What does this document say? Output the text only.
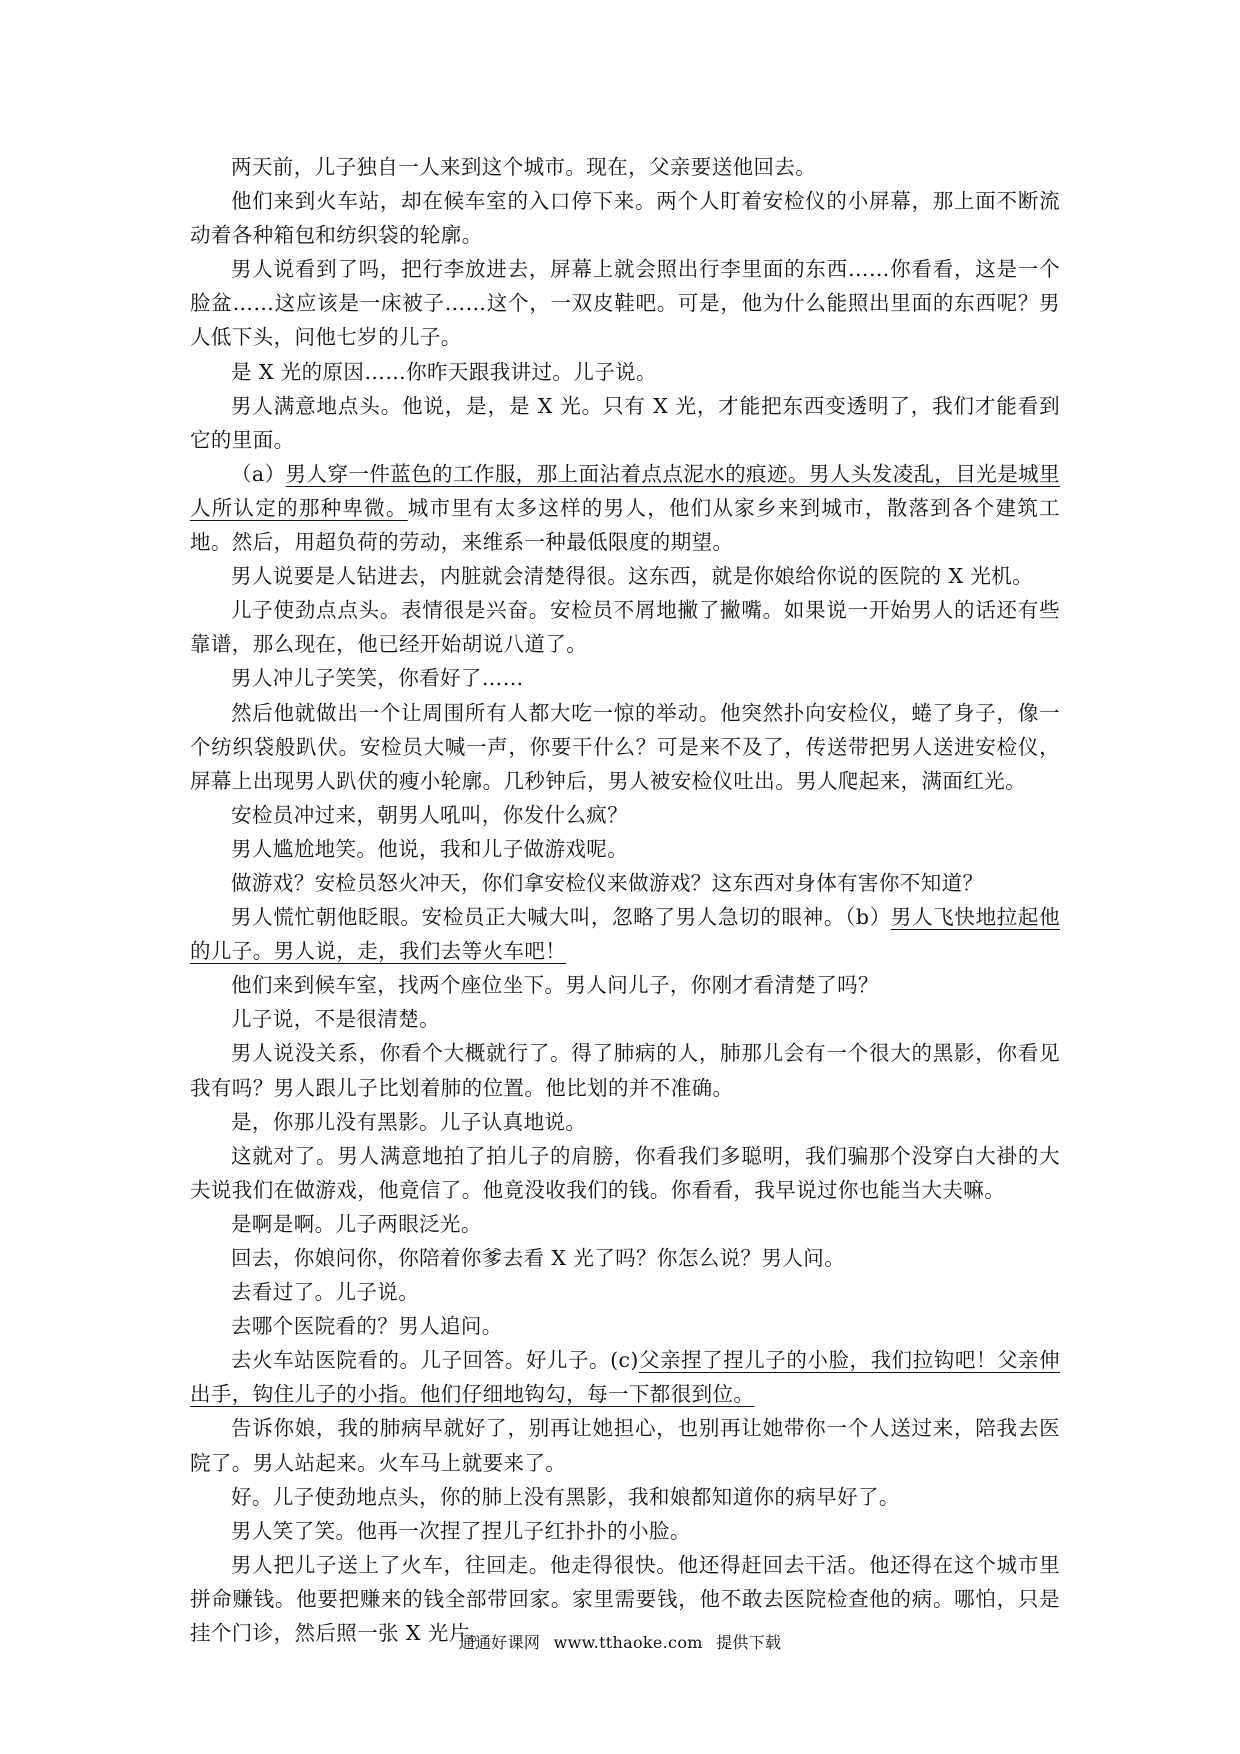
两天前，儿子独自一人来到这个城市。现在，父亲要送他回去。

他们来到火车站，却在候车室的入口停下来。两个人盯着安检仪的小屏幕，那上面不断流动着各种箱包和纺织袋的轮廓。

男人说看到了吗，把行李放进去，屏幕上就会照出行李里面的东西……你看看，这是一个脸盆……这应该是一床被子……这个，一双皮鞋吧。可是，他为什么能照出里面的东西呢？男人低下头，问他七岁的儿子。

是 X 光的原因……你昨天跟我讲过。儿子说。

男人满意地点头。他说，是，是 X 光。只有 X 光，才能把东西变透明了，我们才能看到它的里面。

（a）男人穿一件蓝色的工作服，那上面沾着点点泥水的痕迹。男人头发凌乱，目光是城里人所认定的那种卑微。城市里有太多这样的男人，他们从家乡来到城市，散落到各个建筑工地。然后，用超负荷的劳动，来维系一种最低限度的期望。

男人说要是人钻进去，内脏就会清楚得很。这东西，就是你娘给你说的医院的 X 光机。

儿子使劲点点头。表情很是兴奋。安检员不屑地撇了撇嘴。如果说一开始男人的话还有些靠谱，那么现在，他已经开始胡说八道了。

男人冲儿子笑笑，你看好了……

然后他就做出一个让周围所有人都大吃一惊的举动。他突然扑向安检仪，蜷了身子，像一个纺织袋般趴伏。安检员大喊一声，你要干什么？可是来不及了，传送带把男人送进安检仪，屏幕上出现男人趴伏的瘦小轮廓。几秒钟后，男人被安检仪吐出。男人爬起来，满面红光。

安检员冲过来，朝男人吼叫，你发什么疯？

男人尴尬地笑。他说，我和儿子做游戏呢。

做游戏？安检员怒火冲天，你们拿安检仪来做游戏？这东西对身体有害你不知道？

男人慌忙朝他眨眼。安检员正大喊大叫，忽略了男人急切的眼神。（b）男人飞快地拉起他的儿子。男人说，走，我们去等火车吧！

他们来到候车室，找两个座位坐下。男人问儿子，你刚才看清楚了吗？

儿子说，不是很清楚。

男人说没关系，你看个大概就行了。得了肺病的人，肺那儿会有一个很大的黑影，你看见我有吗？男人跟儿子比划着肺的位置。他比划的并不准确。

是，你那儿没有黑影。儿子认真地说。

这就对了。男人满意地拍了拍儿子的肩膀，你看我们多聪明，我们骗那个没穿白大褂的大夫说我们在做游戏，他竟信了。他竟没收我们的钱。你看看，我早说过你也能当大夫嘛。

是啊是啊。儿子两眼泛光。

回去，你娘问你，你陪着你爹去看 X 光了吗？你怎么说？男人问。

去看过了。儿子说。

去哪个医院看的？男人追问。

去火车站医院看的。儿子回答。好儿子。(c)父亲捏了捏儿子的小脸，我们拉钩吧！父亲伸出手，钩住儿子的小指。他们仔细地钩勾，每一下都很到位。

告诉你娘，我的肺病早就好了，别再让她担心，也别再让她带你一个人送过来，陪我去医院了。男人站起来。火车马上就要来了。

好。儿子使劲地点头，你的肺上没有黑影，我和娘都知道你的病早好了。

男人笑了笑。他再一次捏了捏儿子红扑扑的小脸。

男人把儿子送上了火车，往回走。他走得很快。他还得赶回去干活。他还得在这个城市里拼命赚钱。他要把赚来的钱全部带回家。家里需要钱，他不敢去医院检查他的病。哪怕，只是挂个门诊，然后照一张 X 光片。

通通好课网 www.tthaoke.com 提供下载
